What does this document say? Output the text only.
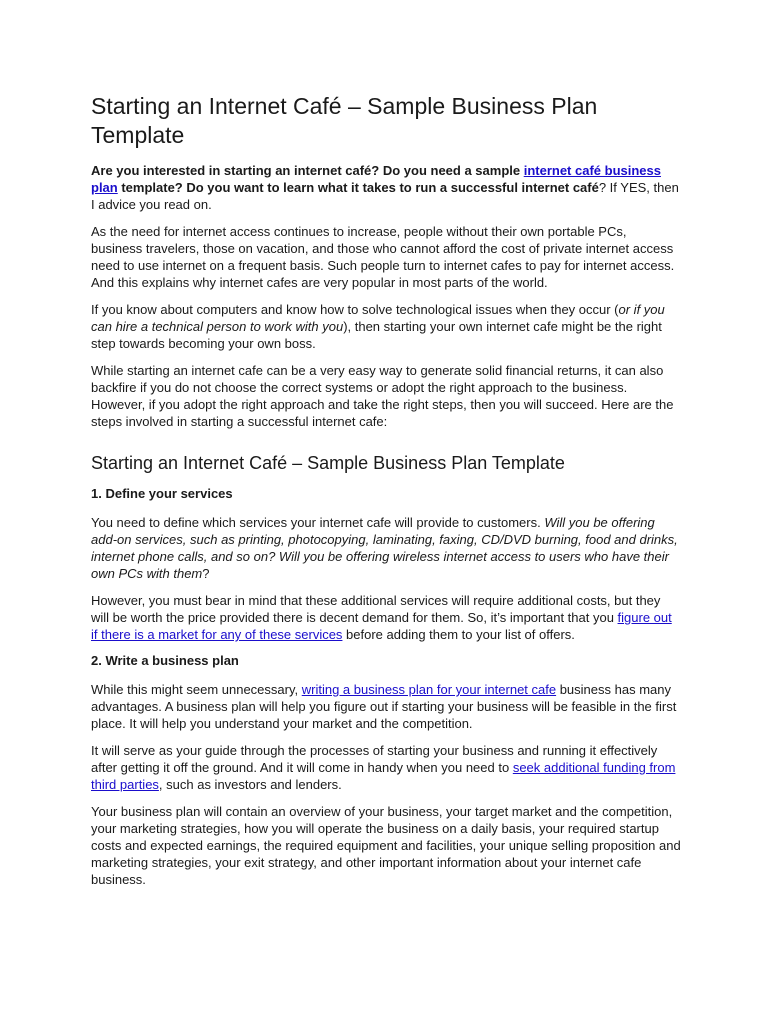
Starting an Internet Café – Sample Business Plan Template

Are you interested in starting an internet café? Do you need a sample internet café business plan template? Do you want to learn what it takes to run a successful internet café? If YES, then I advice you read on.

As the need for internet access continues to increase, people without their own portable PCs, business travelers, those on vacation, and those who cannot afford the cost of private internet access need to use internet on a frequent basis. Such people turn to internet cafes to pay for internet access. And this explains why internet cafes are very popular in most parts of the world.

If you know about computers and know how to solve technological issues when they occur (or if you can hire a technical person to work with you), then starting your own internet cafe might be the right step towards becoming your own boss.

While starting an internet cafe can be a very easy way to generate solid financial returns, it can also backfire if you do not choose the correct systems or adopt the right approach to the business. However, if you adopt the right approach and take the right steps, then you will succeed. Here are the steps involved in starting a successful internet cafe:

Starting an Internet Café – Sample Business Plan Template
1. Define your services

You need to define which services your internet cafe will provide to customers. Will you be offering add-on services, such as printing, photocopying, laminating, faxing, CD/DVD burning, food and drinks, internet phone calls, and so on? Will you be offering wireless internet access to users who have their own PCs with them?

However, you must bear in mind that these additional services will require additional costs, but they will be worth the price provided there is decent demand for them. So, it’s important that you figure out if there is a market for any of these services before adding them to your list of offers.

2. Write a business plan

While this might seem unnecessary, writing a business plan for your internet cafe business has many advantages. A business plan will help you figure out if starting your business will be feasible in the first place. It will help you understand your market and the competition.

It will serve as your guide through the processes of starting your business and running it effectively after getting it off the ground. And it will come in handy when you need to seek additional funding from third parties, such as investors and lenders.

Your business plan will contain an overview of your business, your target market and the competition, your marketing strategies, how you will operate the business on a daily basis, your required startup costs and expected earnings, the required equipment and facilities, your unique selling proposition and marketing strategies, your exit strategy, and other important information about your internet cafe business.
